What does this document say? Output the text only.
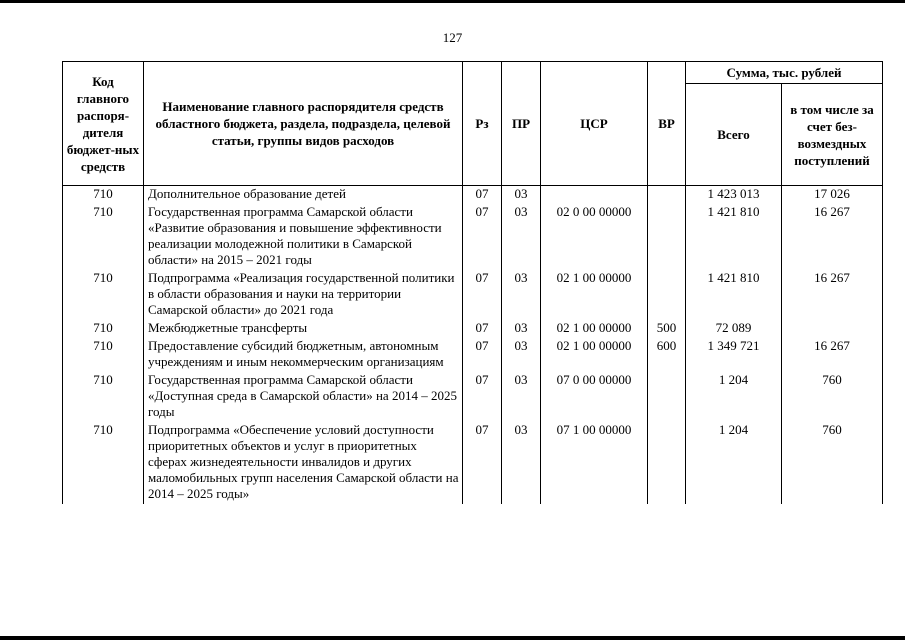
127
Код главного распоря-дителя бюджет-ных средств	Наименование главного распорядителя средств областного бюджета, раздела, подраздела, целевой статьи, группы видов расходов	Рз	ПР	ЦСР	ВР	Сумма, тыс. рублей	
						Всего	в том числе за счет без-возмездных поступлений
710	Дополнительное образование детей	07	03			1 423 013	17 026
710	Государственная программа Самарской области «Развитие образования и повышение эффективности реализации молодежной политики в Самарской области» на 2015 – 2021 годы	07	03	02 0 00 00000		1 421 810	16 267
710	Подпрограмма «Реализация государственной политики в области образования и науки на территории Самарской области» до 2021 года	07	03	02 1 00 00000		1 421 810	16 267
710	Межбюджетные трансферты	07	03	02 1 00 00000	500	72 089	
710	Предоставление субсидий бюджетным, автономным учреждениям и иным некоммерческим организациям	07	03	02 1 00 00000	600	1 349 721	16 267
710	Государственная программа Самарской области «Доступная среда в Самарской области» на 2014 – 2025 годы	07	03	07 0 00 00000		1 204	760
710	Подпрограмма «Обеспечение условий доступности приоритетных объектов и услуг в приоритетных сферах жизнедеятельности инвалидов и других маломобильных групп населения Самарской области на 2014 – 2025 годы»	07	03	07 1 00 00000		1 204	760
